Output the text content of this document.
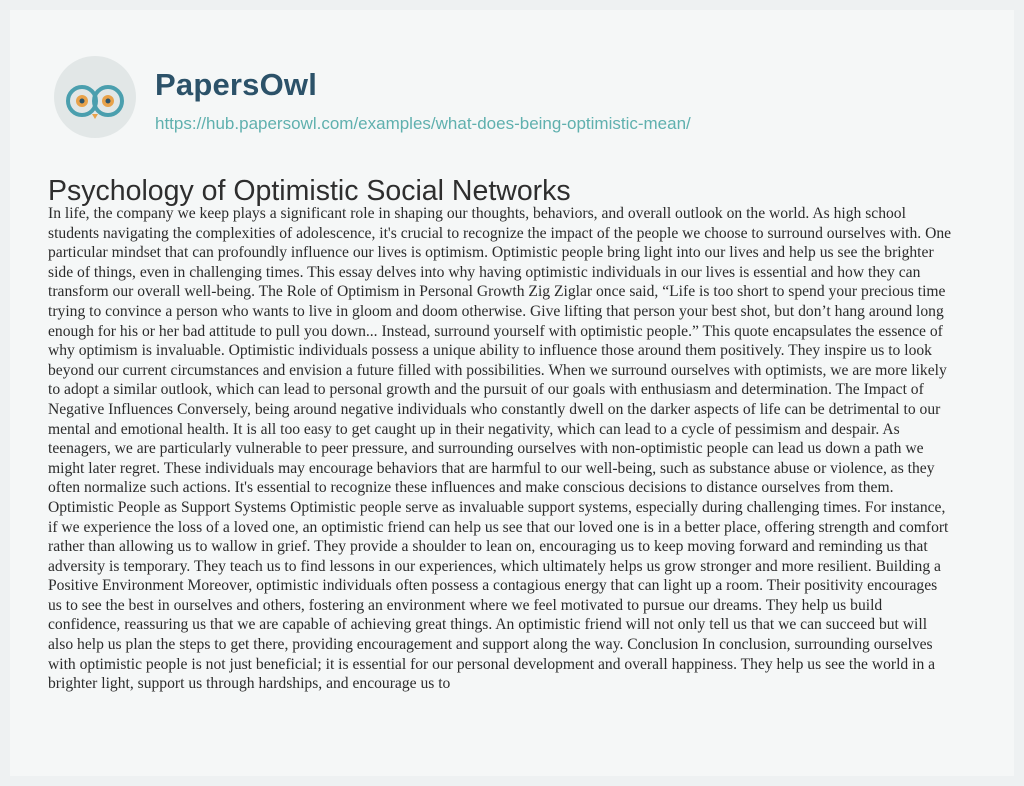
PapersOwl
https://hub.papersowl.com/examples/what-does-being-optimistic-mean/
Psychology of Optimistic Social Networks
In life, the company we keep plays a significant role in shaping our thoughts, behaviors, and overall outlook on the world. As high school
students navigating the complexities of adolescence, it's crucial to recognize the impact of the people we choose to surround ourselves with. One
particular mindset that can profoundly influence our lives is optimism. Optimistic people bring light into our lives and help us see the brighter
side of things, even in challenging times. This essay delves into why having optimistic individuals in our lives is essential and how they can
transform our overall well-being. The Role of Optimism in Personal Growth Zig Ziglar once said, “Life is too short to spend your precious time
trying to convince a person who wants to live in gloom and doom otherwise. Give lifting that person your best shot, but don’t hang around long
enough for his or her bad attitude to pull you down... Instead, surround yourself with optimistic people.” This quote encapsulates the essence of
why optimism is invaluable. Optimistic individuals possess a unique ability to influence those around them positively. They inspire us to look
beyond our current circumstances and envision a future filled with possibilities. When we surround ourselves with optimists, we are more likely
to adopt a similar outlook, which can lead to personal growth and the pursuit of our goals with enthusiasm and determination. The Impact of
Negative Influences Conversely, being around negative individuals who constantly dwell on the darker aspects of life can be detrimental to our
mental and emotional health. It is all too easy to get caught up in their negativity, which can lead to a cycle of pessimism and despair. As
teenagers, we are particularly vulnerable to peer pressure, and surrounding ourselves with non-optimistic people can lead us down a path we
might later regret. These individuals may encourage behaviors that are harmful to our well-being, such as substance abuse or violence, as they
often normalize such actions. It's essential to recognize these influences and make conscious decisions to distance ourselves from them.
Optimistic People as Support Systems Optimistic people serve as invaluable support systems, especially during challenging times. For instance,
if we experience the loss of a loved one, an optimistic friend can help us see that our loved one is in a better place, offering strength and comfort
rather than allowing us to wallow in grief. They provide a shoulder to lean on, encouraging us to keep moving forward and reminding us that
adversity is temporary. They teach us to find lessons in our experiences, which ultimately helps us grow stronger and more resilient. Building a
Positive Environment Moreover, optimistic individuals often possess a contagious energy that can light up a room. Their positivity encourages
us to see the best in ourselves and others, fostering an environment where we feel motivated to pursue our dreams. They help us build
confidence, reassuring us that we are capable of achieving great things. An optimistic friend will not only tell us that we can succeed but will
also help us plan the steps to get there, providing encouragement and support along the way. Conclusion In conclusion, surrounding ourselves
with optimistic people is not just beneficial; it is essential for our personal development and overall happiness. They help us see the world in a
brighter light, support us through hardships, and encourage us to
